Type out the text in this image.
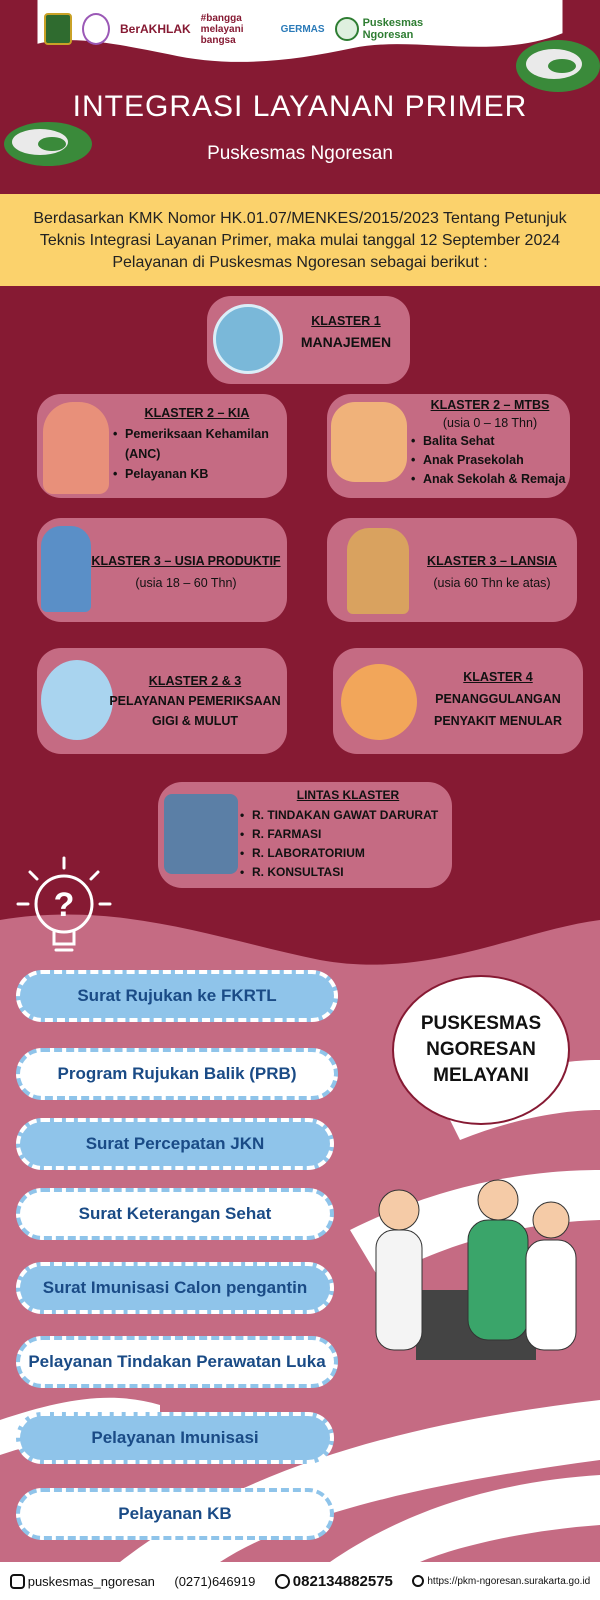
BerAKHLAK
#bangga melayani bangsa
GERMAS	Puskesmas Ngoresan
INTEGRASI LAYANAN PRIMER
Puskesmas Ngoresan
Berdasarkan KMK Nomor HK.01.07/MENKES/2015/2023 Tentang Petunjuk Teknis Integrasi Layanan Primer, maka mulai tanggal 12 September 2024 Pelayanan di Puskesmas Ngoresan sebagai berikut :
KLASTER 1
MANAJEMEN
KLASTER 2 – KIA
• Pemeriksaan Kehamilan (ANC)
• Pelayanan KB
KLASTER 2 – MTBS
(usia 0 – 18 Thn)
• Balita Sehat
• Anak Prasekolah
• Anak Sekolah & Remaja
KLASTER 3 – USIA PRODUKTIF
(usia 18 – 60 Thn)
KLASTER 3 – LANSIA
(usia 60 Thn ke atas)
KLASTER 2 & 3
PELAYANAN PEMERIKSAAN
GIGI & MULUT
KLASTER 4
PENANGGULANGAN
PENYAKIT MENULAR
LINTAS KLASTER
• R. TINDAKAN GAWAT DARURAT
• R. FARMASI
• R. LABORATORIUM
• R. KONSULTASI
?
Surat Rujukan ke FKRTL
Program Rujukan Balik (PRB)
Surat Percepatan JKN
Surat Keterangan Sehat
Surat Imunisasi Calon pengantin
Pelayanan Tindakan Perawatan Luka
Pelayanan Imunisasi
Pelayanan KB
PUSKESMAS
NGORESAN
MELAYANI
puskesmas_ngoresan (0271)646919 082134882575	https://pkm-ngoresan.surakarta.go.id
